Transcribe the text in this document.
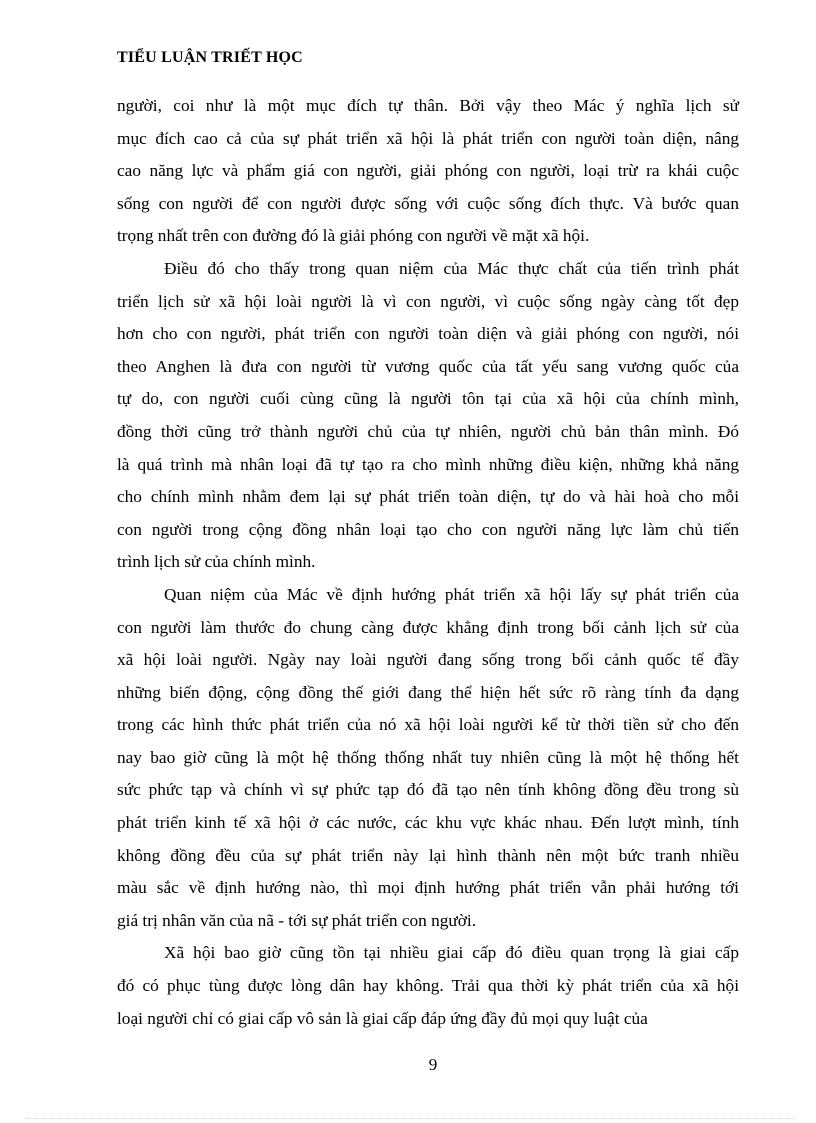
TIỂU LUẬN TRIẾT HỌC
người, coi như là một mục đích tự thân. Bởi vậy theo Mác ý nghĩa lịch sử
mục đích cao cả của sự phát triển xã hội là phát triển con người toàn diện, nâng
cao năng lực và phẩm giá con người, giải phóng con người, loại trừ ra khái cuộc
sống con người để con người được sống với cuộc sống đích thực. Và bước quan
trọng nhất trên con đường đó là giải phóng con người về mặt xã hội.
Điều đó cho thấy trong quan niệm của Mác thực chất của tiến trình phát
triển lịch sử xã hội loài người là vì con người, vì cuộc sống ngày càng tốt đẹp
hơn cho con người, phát triển con người toàn diện và giải phóng con người, nói
theo Anghen là đưa con người từ vương quốc của tất yếu sang vương quốc của
tự do, con người cuối cùng cũng là người tôn tại của xã hội của chính mình,
đồng thời cũng trở thành người chủ của tự nhiên, người chủ bản thân mình. Đó
là quá trình mà nhân loại đã tự tạo ra cho mình những điều kiện, những khả năng
cho chính mình nhằm đem lại sự phát triển toàn diện, tự do và hài hoà cho mỗi
con người trong cộng đồng nhân loại tạo cho con người năng lực làm chủ tiến
trình lịch sử của chính mình.
Quan niệm của Mác về định hướng phát triển xã hội lấy sự phát triển của
con người làm thước đo chung càng được khẳng định trong bối cảnh lịch sử của
xã hội loài người. Ngày nay loài người đang sống trong bối cảnh quốc tế đầy
những biến động, cộng đồng thế giới đang thể hiện hết sức rõ ràng tính đa dạng
trong các hình thức phát triển của nó xã hội loài người kể từ thời tiền sử cho đến
nay bao giờ cũng là một hệ thống thống nhất tuy nhiên cũng là một hệ thống hết
sức phức tạp và chính vì sự phức tạp đó đã tạo nên tính không đồng đều trong sù
phát triển kinh tế xã hội ở các nước, các khu vực khác nhau. Đến lượt mình, tính
không đồng đều của sự phát triển này lại hình thành nên một bức tranh nhiều
màu sắc về định hướng nào, thì mọi định hướng phát triển vẫn phải hướng tới
giá trị nhân văn của nã - tới sự phát triển con người.
Xã hội bao giờ cũng tồn tại nhiều giai cấp đó điều quan trọng là giai cấp
đó có phục tùng được lòng dân hay không. Trải qua thời kỳ phát triển của xã hội
loại người chỉ có giai cấp vô sản là giai cấp đáp ứng đầy đủ mọi quy luật của
9
